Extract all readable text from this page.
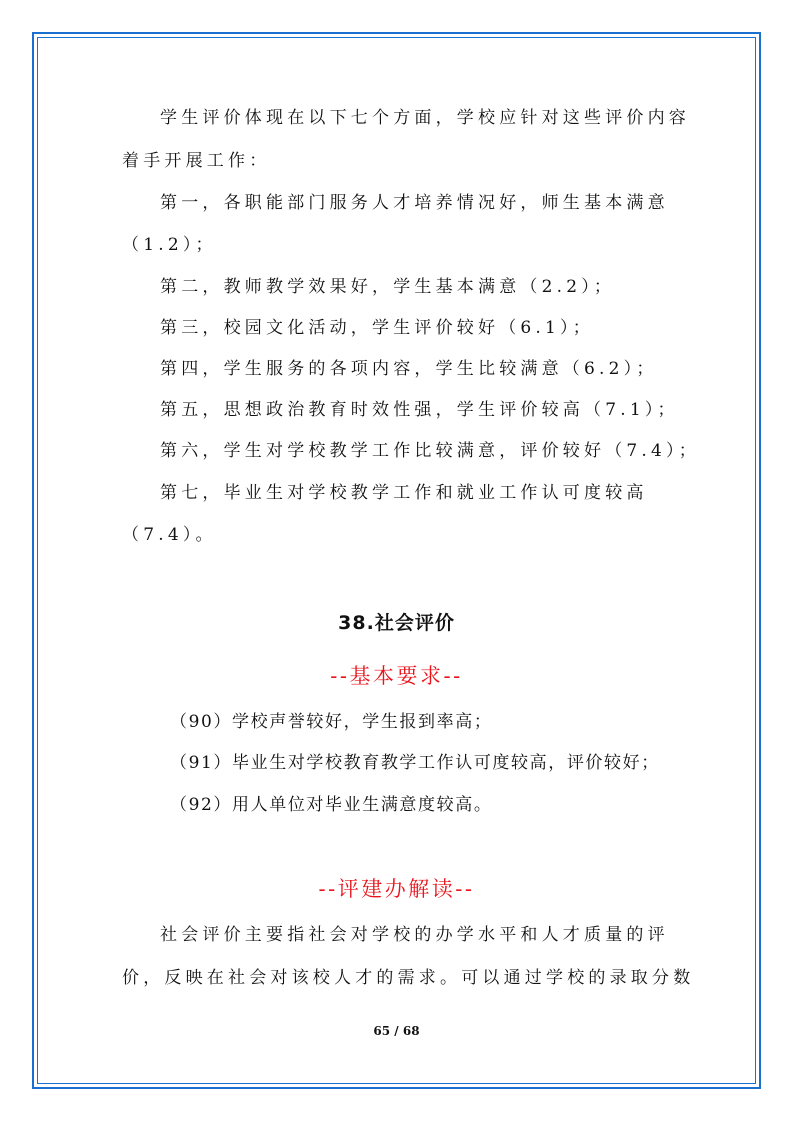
学生评价体现在以下七个方面，学校应针对这些评价内容
着手开展工作：
第一，各职能部门服务人才培养情况好，师生基本满意
（1.2）；
第二，教师教学效果好，学生基本满意（2.2）；
第三，校园文化活动，学生评价较好（6.1）；
第四，学生服务的各项内容，学生比较满意（6.2）；
第五，思想政治教育时效性强，学生评价较高（7.1）；
第六，学生对学校教学工作比较满意，评价较好（7.4）；
第七，毕业生对学校教学工作和就业工作认可度较高
（7.4）。
38.社会评价
--基本要求--
（90）学校声誉较好，学生报到率高；
（91）毕业生对学校教育教学工作认可度较高，评价较好；
（92）用人单位对毕业生满意度较高。
--评建办解读--
社会评价主要指社会对学校的办学水平和人才质量的评
价，反映在社会对该校人才的需求。可以通过学校的录取分数
65 / 68
